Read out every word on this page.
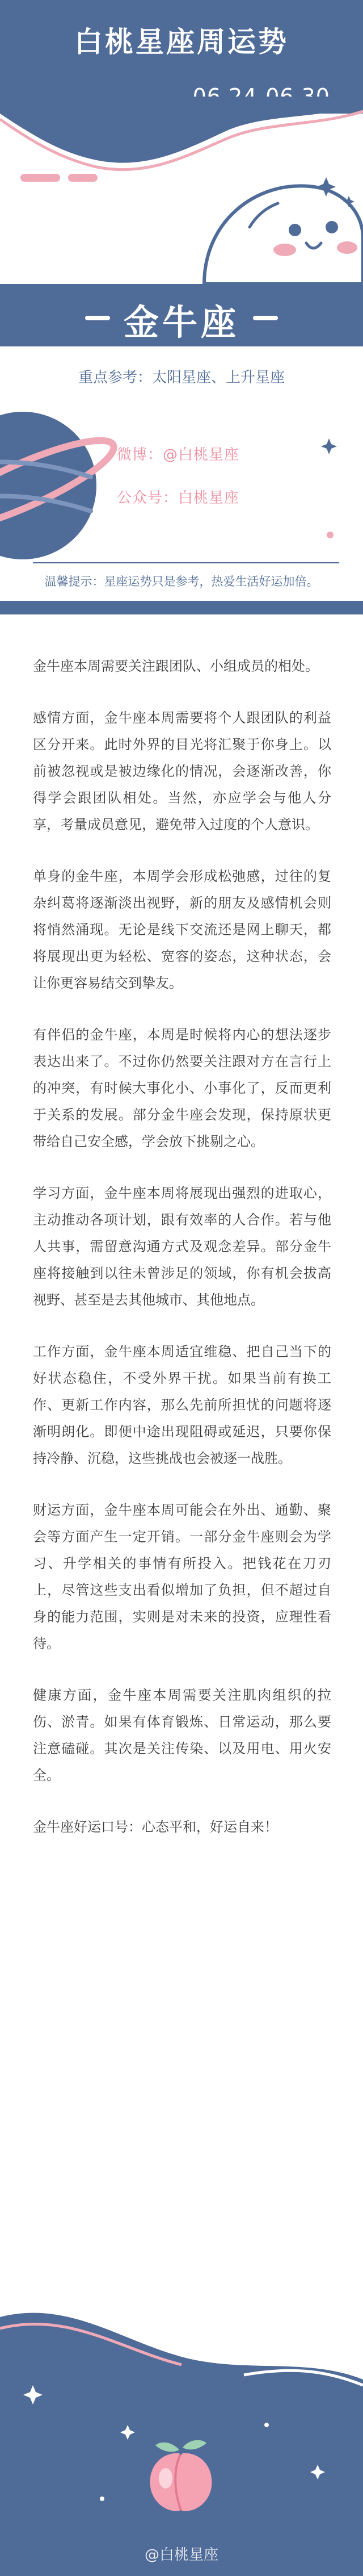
白桃星座周运势
金牛座
重点参考：太阳星座、上升星座
微博：@白桃星座
公众号：白桃星座
温馨提示：星座运势只是参考，热爱生活好运加倍。

金牛座本周需要关注跟团队、小组成员的相处。

感情方面，金牛座本周需要将个人跟团队的利益区分开来。此时外界的目光将汇聚于你身上。以前被忽视或是被边缘化的情况，会逐渐改善，你得学会跟团队相处。当然，亦应学会与他人分享，考量成员意见，避免带入过度的个人意识。

单身的金牛座，本周学会形成松弛感，过往的复杂纠葛将逐渐淡出视野，新的朋友及感情机会则将悄然涌现。无论是线下交流还是网上聊天，都将展现出更为轻松、宽容的姿态，这种状态，会让你更容易结交到挚友。

有伴侣的金牛座，本周是时候将内心的想法逐步表达出来了。不过你仍然要关注跟对方在言行上的冲突，有时候大事化小、小事化了，反而更利于关系的发展。部分金牛座会发现，保持原状更带给自己安全感，学会放下挑剔之心。

学习方面，金牛座本周将展现出强烈的进取心，主动推动各项计划，跟有效率的人合作。若与他人共事，需留意沟通方式及观念差异。部分金牛座将接触到以往未曾涉足的领域，你有机会拔高视野、甚至是去其他城市、其他地点。

工作方面，金牛座本周适宜维稳、把自己当下的好状态稳住，不受外界干扰。如果当前有换工作、更新工作内容，那么先前所担忧的问题将逐渐明朗化。即便中途出现阻碍或延迟，只要你保持冷静、沉稳，这些挑战也会被逐一战胜。

财运方面，金牛座本周可能会在外出、通勤、聚会等方面产生一定开销。一部分金牛座则会为学习、升学相关的事情有所投入。把钱花在刀刃上，尽管这些支出看似增加了负担，但不超过自身的能力范围，实则是对未来的投资，应理性看待。

健康方面，金牛座本周需要关注肌肉组织的拉伤、淤青。如果有体育锻炼、日常运动，那么要注意磕碰。其次是关注传染、以及用电、用火安全。

金牛座好运口号：心态平和，好运自来！

@白桃星座
